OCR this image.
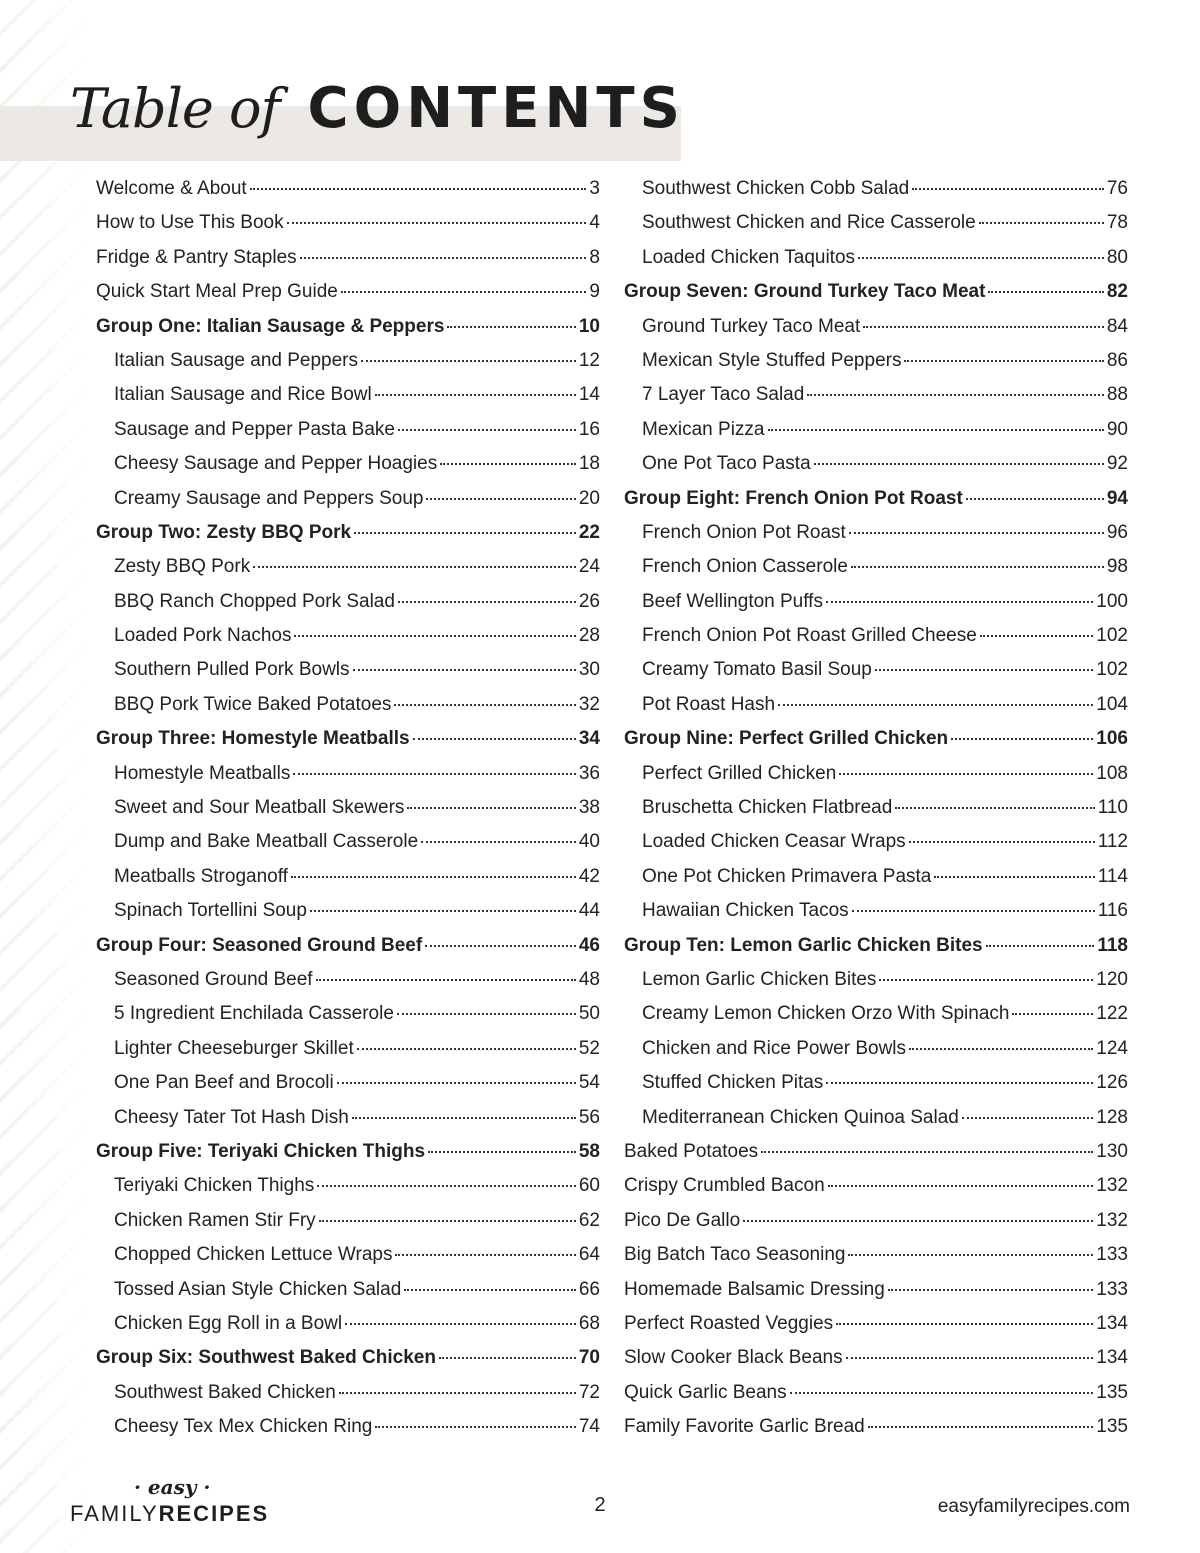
Table of CONTENTS
Welcome & About	3
How to Use This Book	4
Fridge & Pantry Staples	8
Quick Start Meal Prep Guide	9
Group One: Italian Sausage & Peppers	10
Italian Sausage and Peppers	12
Italian Sausage and Rice Bowl	14
Sausage and Pepper Pasta Bake	16
Cheesy Sausage and Pepper Hoagies	18
Creamy Sausage and Peppers Soup	20
Group Two: Zesty BBQ Pork	22
Zesty BBQ Pork	24
BBQ Ranch Chopped Pork Salad	26
Loaded Pork Nachos	28
Southern Pulled Pork Bowls	30
BBQ Pork Twice Baked Potatoes	32
Group Three: Homestyle Meatballs	34
Homestyle Meatballs	36
Sweet and Sour Meatball Skewers	38
Dump and Bake Meatball Casserole	40
Meatballs Stroganoff	42
Spinach Tortellini Soup	44
Group Four: Seasoned Ground Beef	46
Seasoned Ground Beef	48
5 Ingredient Enchilada Casserole	50
Lighter Cheeseburger Skillet	52
One Pan Beef and Brocoli	54
Cheesy Tater Tot Hash Dish	56
Group Five: Teriyaki Chicken Thighs	58
Teriyaki Chicken Thighs	60
Chicken Ramen Stir Fry	62
Chopped Chicken Lettuce Wraps	64
Tossed Asian Style Chicken Salad	66
Chicken Egg Roll in a Bowl	68
Group Six: Southwest Baked Chicken	70
Southwest Baked Chicken	72
Cheesy Tex Mex Chicken Ring	74
Southwest Chicken Cobb Salad	76
Southwest Chicken and Rice Casserole	78
Loaded Chicken Taquitos	80
Group Seven: Ground Turkey Taco Meat	82
Ground Turkey Taco Meat	84
Mexican Style Stuffed Peppers	86
7 Layer Taco Salad	88
Mexican Pizza	90
One Pot Taco Pasta	92
Group Eight: French Onion Pot Roast	94
French Onion Pot Roast	96
French Onion Casserole	98
Beef Wellington Puffs	100
French Onion Pot Roast Grilled Cheese	102
Creamy Tomato Basil Soup	102
Pot Roast Hash	104
Group Nine: Perfect Grilled Chicken	106
Perfect Grilled Chicken	108
Bruschetta Chicken Flatbread	110
Loaded Chicken Ceasar Wraps	112
One Pot Chicken Primavera Pasta	114
Hawaiian Chicken Tacos	116
Group Ten: Lemon Garlic Chicken Bites	118
Lemon Garlic Chicken Bites	120
Creamy Lemon Chicken Orzo With Spinach	122
Chicken and Rice Power Bowls	124
Stuffed Chicken Pitas	126
Mediterranean Chicken Quinoa Salad	128
Baked Potatoes	130
Crispy Crumbled Bacon	132
Pico De Gallo	132
Big Batch Taco Seasoning	133
Homemade Balsamic Dressing	133
Perfect Roasted Veggies	134
Slow Cooker Black Beans	134
Quick Garlic Beans	135
Family Favorite Garlic Bread	135
· easy ·
FAMILYRECIPES	2	easyfamilyrecipes.com
